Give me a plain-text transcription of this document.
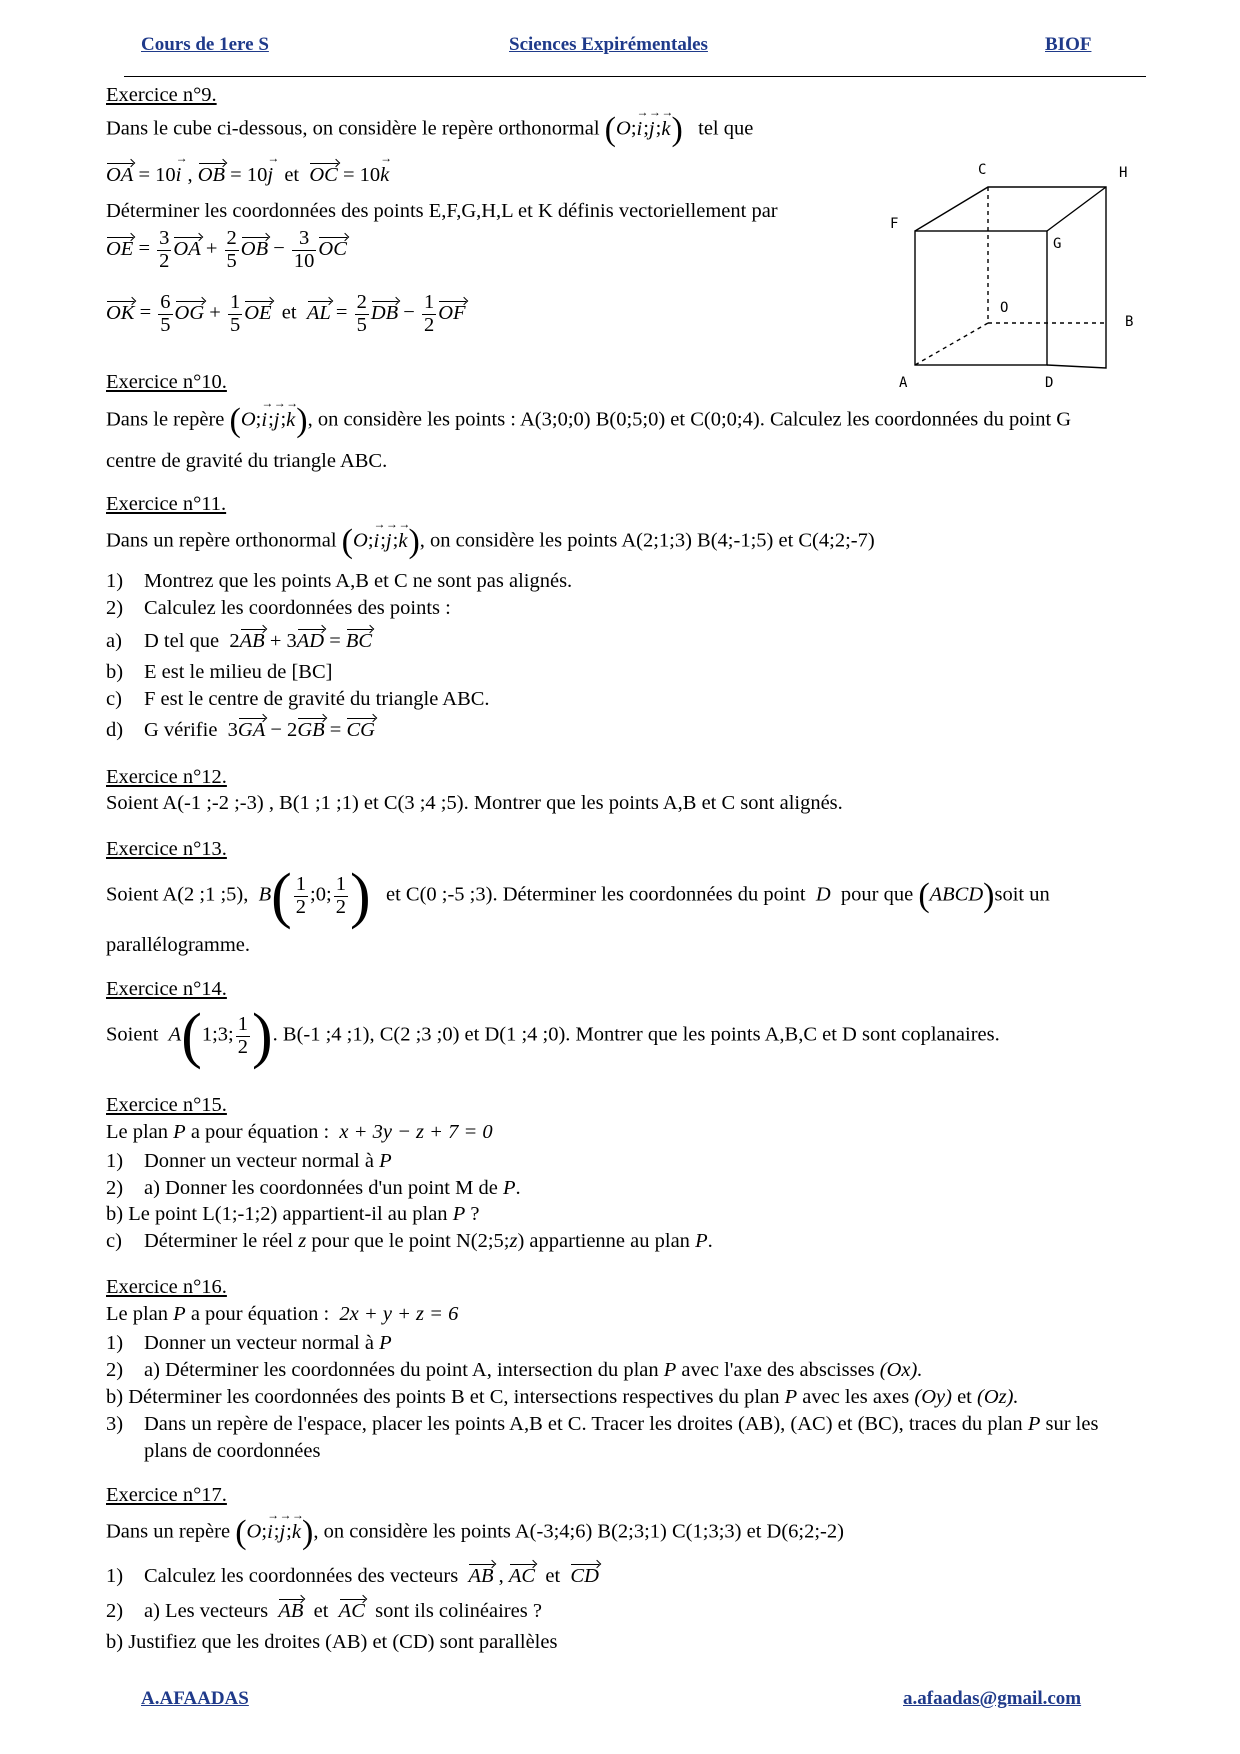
Cours de 1ere S	Sciences Expirémentales	BIOF
Exercice n°9.
Dans le cube ci-dessous, on considère le repère orthonormal (O;i →;j →;k →) tel que
OA = 10i → , OB = 10j → et OC = 10k →
Déterminer les coordonnées des points E,F,G,H,L et K définis vectoriellement par
OE = $\frac{3}{2}$ OA + $\frac{2}{5}$ OB − $\frac{3}{10}$ OC
OK = $\frac{6}{5}$ OG + $\frac{1}{5}$ OE et AL = $\frac{2}{5}$ DB − $\frac{1}{2}$ OF
C	H
F
G
O
B
A	D
Exercice n°10.
Dans le repère (O;i →;j →;k →), on considère les points : A(3;0;0) B(0;5;0) et C(0;0;4). Calculez les coordonnées du point G
centre de gravité du triangle ABC.
Exercice n°11.
Dans un repère orthonormal (O;i →;j →;k →), on considère les points A(2;1;3) B(4;-1;5) et C(4;2;-7)
1) Montrez que les points A,B et C ne sont pas alignés.
2) Calculez les coordonnées des points :
a) D tel que  2AB + 3AD = BC
b) E est le milieu de [BC]
c) F est le centre de gravité du triangle ABC.
d) G vérifie  3GA − 2GB = CG
Exercice n°12.
Soient A(-1 ;-2 ;-3) , B(1 ;1 ;1) et C(3 ;4 ;5). Montrer que les points A,B et C sont alignés.
Exercice n°13.
Soient A(2 ;1 ;5), $B( \frac{1}{2}$ ;0; $\frac{1}{2}$ ) et C(0 ;-5 ;3). Déterminer les coordonnées du point D pour que (ABCD)soit un
parallélogramme.
Exercice n°14.
Soient A(1;3; $\frac{1}{2}$ ). B(-1 ;4 ;1), C(2 ;3 ;0) et D(1 ;4 ;0). Montrer que les points A,B,C et D sont coplanaires.
Exercice n°15.
Le plan P a pour équation : x + 3y − z + 7 = 0
1) Donner un vecteur normal à P
2) a) Donner les coordonnées d'un point M de P.
b) Le point L(1;-1;2) appartient-il au plan P ?
c) Déterminer le réel z pour que le point N(2;5;z) appartienne au plan P.
Exercice n°16.
Le plan P a pour équation : 2x + y + z = 6
1) Donner un vecteur normal à P
2) a) Déterminer les coordonnées du point A, intersection du plan P avec l'axe des abscisses (Ox).
b) Déterminer les coordonnées des points B et C, intersections respectives du plan P avec les axes (Oy) et (Oz).
3) Dans un repère de l'espace, placer les points A,B et C. Tracer les droites (AB), (AC) et (BC), traces du plan P sur les
plans de coordonnées
Exercice n°17.
Dans un repère (O;i →;j →;k →), on considère les points A(-3;4;6) B(2;3;1) C(1;3;3) et D(6;2;-2)
1) Calculez les coordonnées des vecteurs AB , AC  et  CD
2) a) Les vecteurs AB  et  AC sont ils colinéaires ?
b) Justifiez que les droites (AB) et (CD) sont parallèles
A.AFAADAS	a.afaadas@gmail.com
